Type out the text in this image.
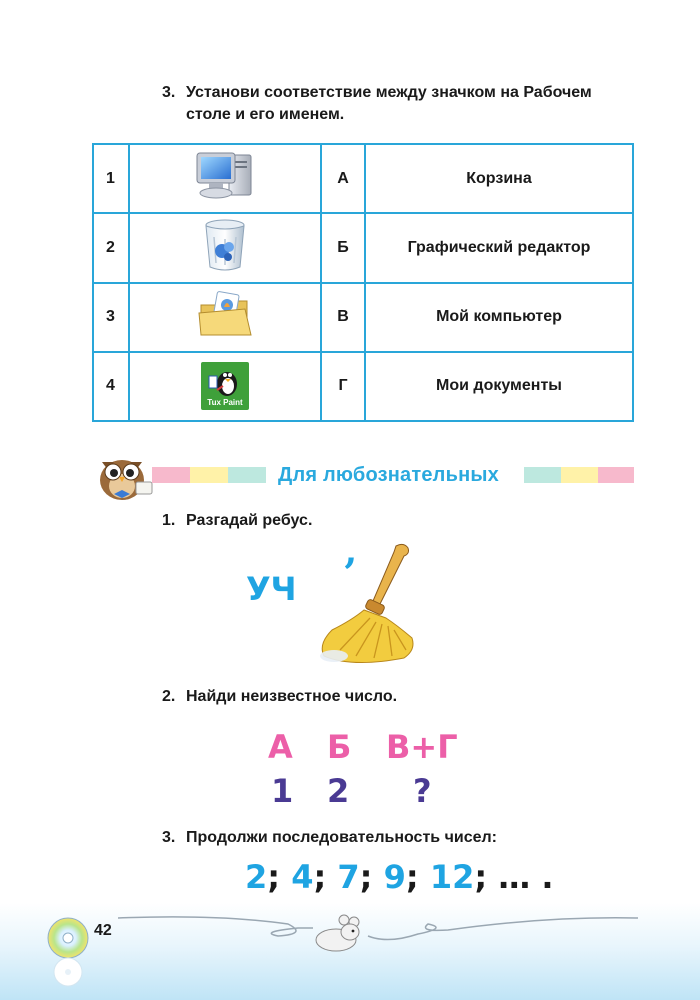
3. Установи соответствие между значком на Рабочем
столе и его именем.
1		А	Корзина
2		Б	Графический редактор
3		В	Мой компьютер
4	Tux Paint	Г	Мои документы
Для любознательных
1. Разгадай ребус.
УЧ ’
2. Найди неизвестное число.
А Б В+Г
1 2 ?
3. Продолжи последовательность чисел:
2; 4; 7; 9; 12; … .
42
